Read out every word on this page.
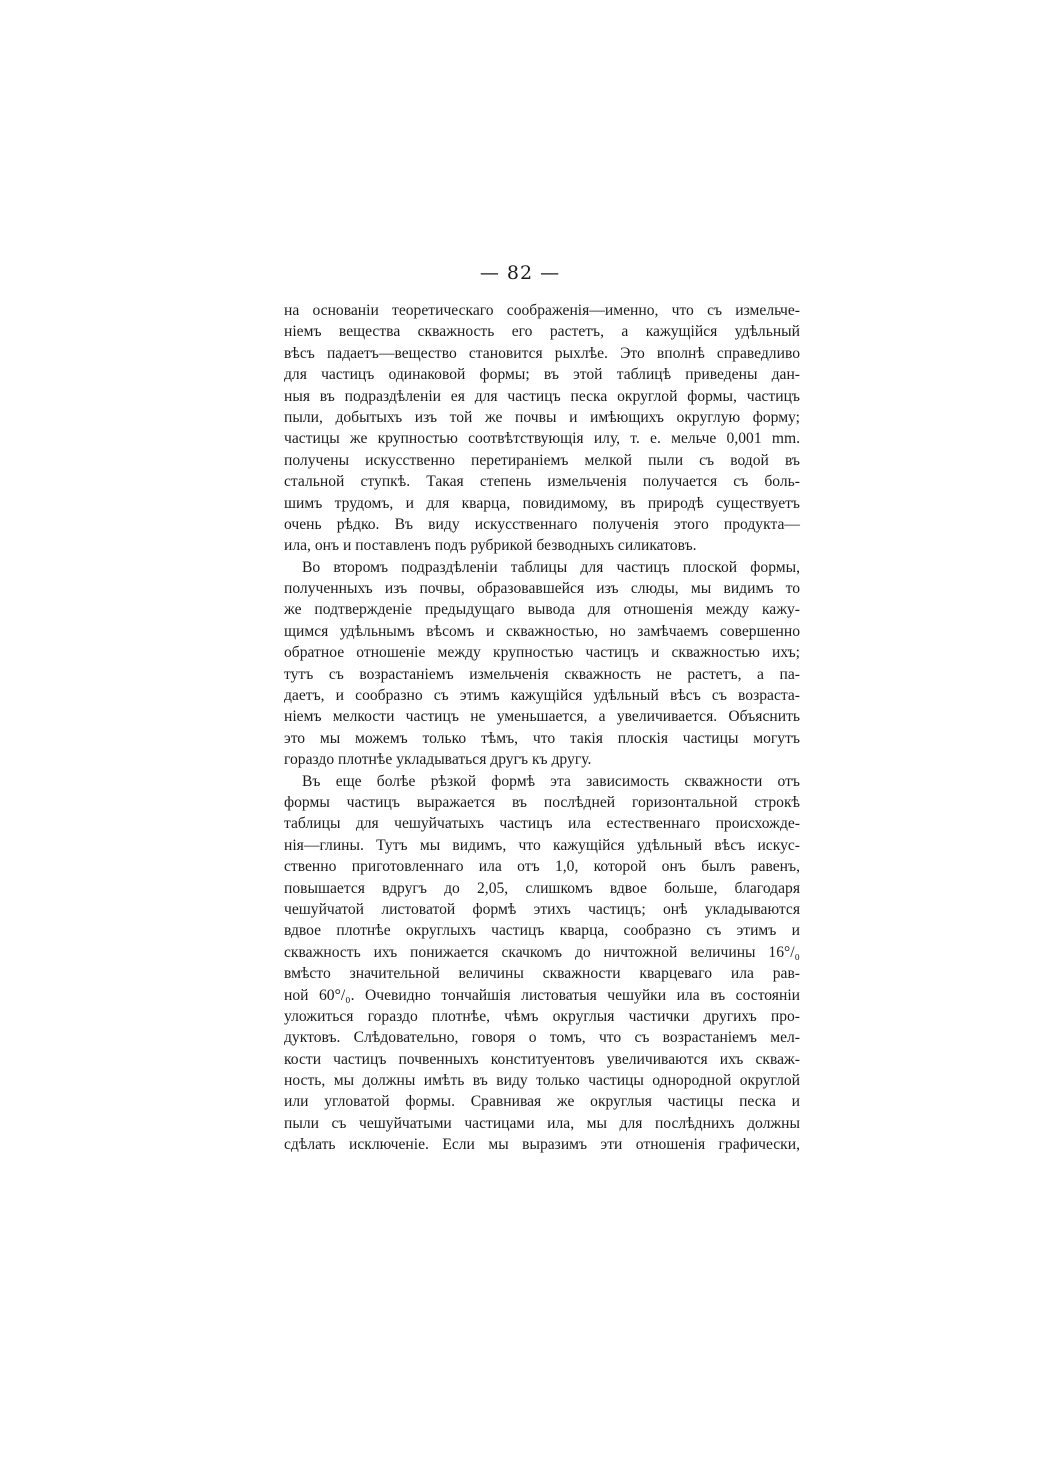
— 82 —
на основаніи теоретическаго соображенія—именно, что съ измельче-
ніемъ вещества скважность его растетъ, а кажущійся удѣльный
вѣсъ падаетъ—вещество становится рыхлѣе. Это вполнѣ справедливо
для частицъ одинаковой формы; въ этой таблицѣ приведены дан-
ныя въ подраздѣленіи ея для частицъ песка округлой формы, частицъ
пыли, добытыхъ изъ той же почвы и имѣющихъ округлую форму;
частицы же крупностью соотвѣтствующія илу, т. е. мельче 0,001 mm.
получены искусственно перетираніемъ мелкой пыли съ водой въ
стальной ступкѣ. Такая степень измельченія получается съ боль-
шимъ трудомъ, и для кварца, повидимому, въ природѣ существуетъ
очень рѣдко. Въ виду искусственнаго полученія этого продукта—
ила, онъ и поставленъ подъ рубрикой безводныхъ силикатовъ.
Во второмъ подраздѣленіи таблицы для частицъ плоской формы,
полученныхъ изъ почвы, образовавшейся изъ слюды, мы видимъ то
же подтвержденіе предыдущаго вывода для отношенія между кажу-
щимся удѣльнымъ вѣсомъ и скважностью, но замѣчаемъ совершенно
обратное отношеніе между крупностью частицъ и скважностью ихъ;
тутъ съ возрастаніемъ измельченія скважность не растетъ, а па-
даетъ, и сообразно съ этимъ кажущійся удѣльный вѣсъ съ возраста-
ніемъ мелкости частицъ не уменьшается, а увеличивается. Объяснить
это мы можемъ только тѣмъ, что такія плоскія частицы могутъ
гораздо плотнѣе укладываться другъ къ другу.
Въ еще болѣе рѣзкой формѣ эта зависимость скважности отъ
формы частицъ выражается въ послѣдней горизонтальной строкѣ
таблицы для чешуйчатыхъ частицъ ила естественнаго происхожде-
нія—глины. Тутъ мы видимъ, что кажущійся удѣльный вѣсъ искус-
ственно приготовленнаго ила отъ 1,0, которой онъ былъ равенъ,
повышается вдругъ до 2,05, слишкомъ вдвое больше, благодаря
чешуйчатой листоватой формѣ этихъ частицъ; онѣ укладываются
вдвое плотнѣе округлыхъ частицъ кварца, сообразно съ этимъ и
скважность ихъ понижается скачкомъ до ничтожной величины 16°/₀
вмѣсто значительной величины скважности кварцеваго ила рав-
ной 60°/₀. Очевидно тончайшія листоватыя чешуйки ила въ состояніи
уложиться гораздо плотнѣе, чѣмъ округлыя частички другихъ про-
дуктовъ. Слѣдовательно, говоря о томъ, что съ возрастаніемъ мел-
кости частицъ почвенныхъ конституентовъ увеличиваются ихъ скваж-
ность, мы должны имѣть въ виду только частицы однородной округлой
или угловатой формы. Сравнивая же округлыя частицы песка и
пыли съ чешуйчатыми частицами ила, мы для послѣднихъ должны
сдѣлать исключеніе. Если мы выразимъ эти отношенія графически,
